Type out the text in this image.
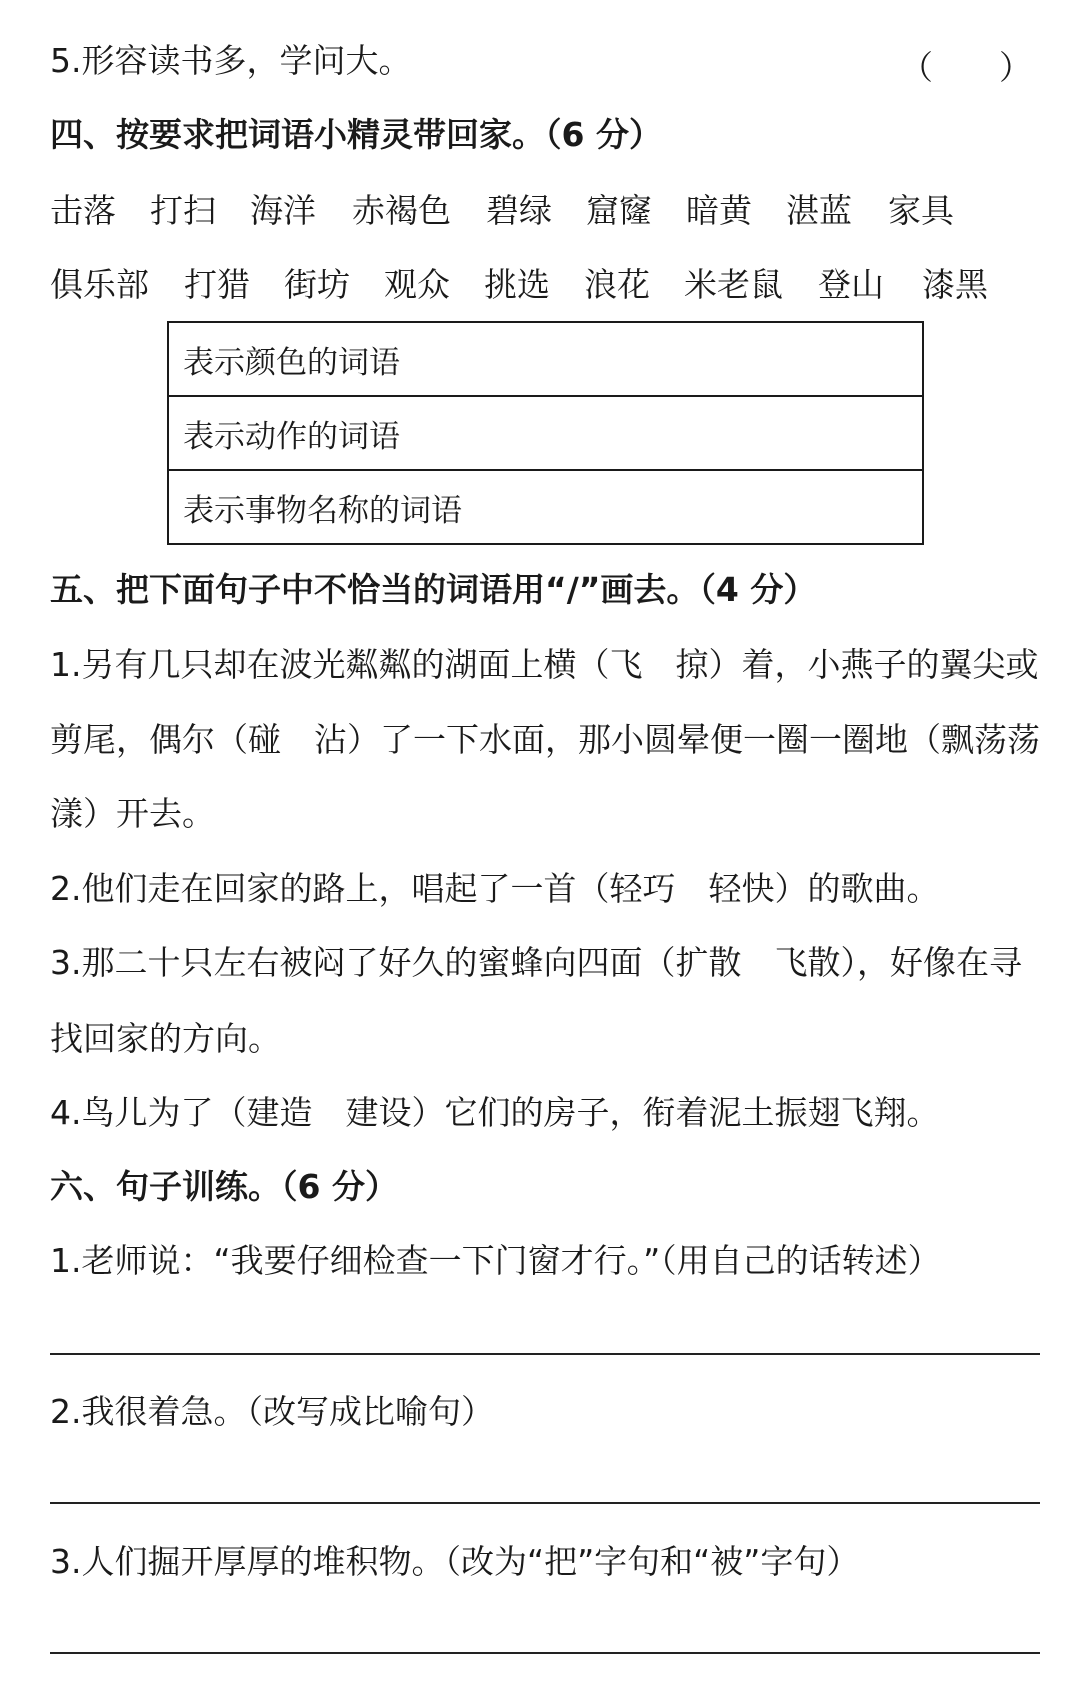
5.形容读书多，学问大。	（　　）
四、按要求把词语小精灵带回家。（6 分）
击落 打扫 海洋 赤褐色 碧绿 窟窿 暗黄 湛蓝 家具
俱乐部 打猎 街坊 观众 挑选 浪花 米老鼠 登山 漆黑
表示颜色的词语
表示动作的词语
表示事物名称的词语
五、把下面句子中不恰当的词语用“/”画去。（4 分）
1.另有几只却在波光粼粼的湖面上横（飞　掠）着，小燕子的翼尖或
剪尾，偶尔（碰　沾）了一下水面，那小圆晕便一圈一圈地（飘荡荡
漾）开去。
2.他们走在回家的路上，唱起了一首（轻巧　轻快）的歌曲。
3.那二十只左右被闷了好久的蜜蜂向四面（扩散　飞散），好像在寻
找回家的方向。
4.鸟儿为了（建造　建设）它们的房子，衔着泥土振翅飞翔。
六、句子训练。（6 分）
1.老师说：“我要仔细检查一下门窗才行。”（用自己的话转述）
2.我很着急。（改写成比喻句）
3.人们掘开厚厚的堆积物。（改为“把”字句和“被”字句）
